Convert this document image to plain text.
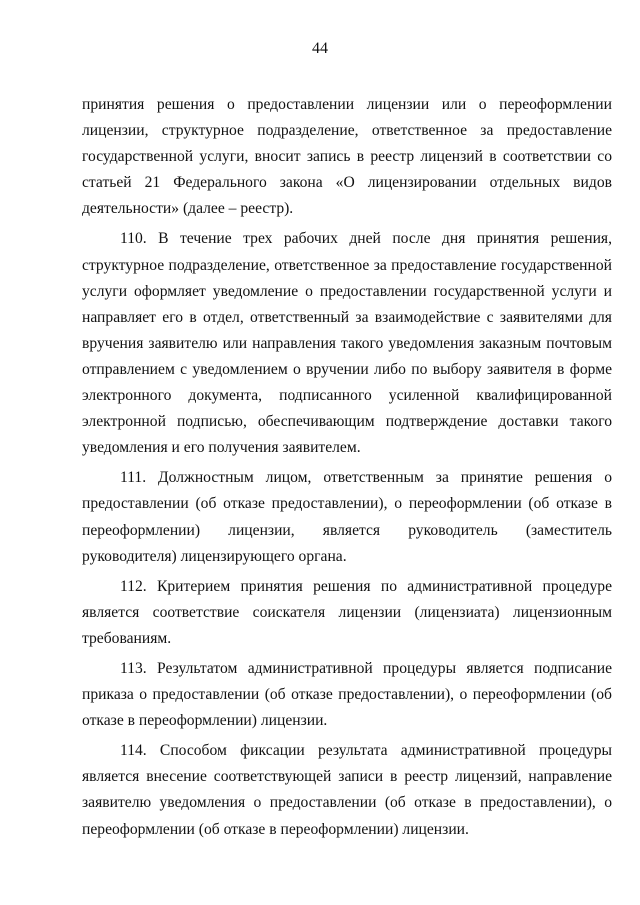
44

принятия решения о предоставлении лицензии или о переоформлении лицензии, структурное подразделение, ответственное за предоставление государственной услуги, вносит запись в реестр лицензий в соответствии со статьей 21 Федерального закона «О лицензировании отдельных видов деятельности» (далее – реестр).

110. В течение трех рабочих дней после дня принятия решения, структурное подразделение, ответственное за предоставление государственной услуги оформляет уведомление о предоставлении государственной услуги и направляет его в отдел, ответственный за взаимодействие с заявителями для вручения заявителю или направления такого уведомления заказным почтовым отправлением с уведомлением о вручении либо по выбору заявителя в форме электронного документа, подписанного усиленной квалифицированной электронной подписью, обеспечивающим подтверждение доставки такого уведомления и его получения заявителем.

111. Должностным лицом, ответственным за принятие решения о предоставлении (об отказе предоставлении), о переоформлении (об отказе в переоформлении) лицензии, является руководитель (заместитель руководителя) лицензирующего органа.

112. Критерием принятия решения по административной процедуре является соответствие соискателя лицензии (лицензиата) лицензионным требованиям.

113. Результатом административной процедуры является подписание приказа о предоставлении (об отказе предоставлении), о переоформлении (об отказе в переоформлении) лицензии.

114. Способом фиксации результата административной процедуры является внесение соответствующей записи в реестр лицензий, направление заявителю уведомления о предоставлении (об отказе в предоставлении), о переоформлении (об отказе в переоформлении) лицензии.
